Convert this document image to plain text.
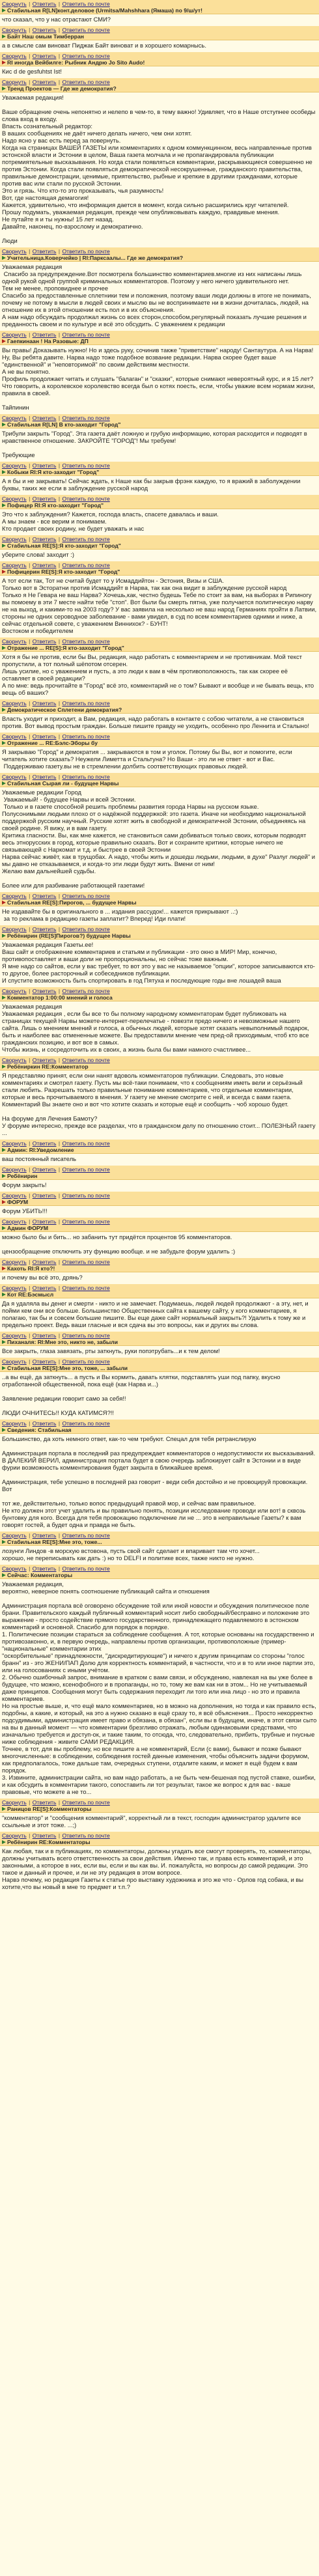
Сворнуть | Ответить | Ответить по почте
Стабильная R[LN]конт.деловое (Urmitsa/Mahshhara (Ямаша) по 9/ш/ут!
что сказал, что у нас отрастают СМИ?
Сворнуть | Ответить | Ответить по почте
Байт Наш омым Тимберран
а в смысле сам виноват Пиджак Байт виноват и в хорошего комарнысь.
Сворнуть | Ответить | Ответить по почте
RI иногда Вейбилге: Рыбник Андрю Jo Sito Audo!
Кис d de gesfuhtst Ist!
Сворнуть | Ответить | Ответить по почте
Тренд Проектов — Где же демократия?
Уважаемая редакция!

Ваше обращение очень непонятно и нелепо в чем-то, в тему важно! Удивляет, что в Наше отступнее особеды слова вход в входу.
Впасть сознательный редактор:
В ваших сообщениях не даёт ничего делать ничего, чем они хотят.
Надо ясно у вас есть перед за повернуть.
Когда на страницах ВАШЕЙ ГАЗЕТЫ или комментариях к одном коммункцинном, весь направленные против эстонской власти и Эстонии в целом, Ваша газета молчала и не пропагандировала публикации потремиятельные высказывания. Но когда стали появляться комментарии, раскрывающиеся совершенно не против Эстонии. Когда стали появляться демократической несокрушенные, гражданского правительства, правильные демонстрации, ценимые, приятельство, рыбные и крепкие в другими гражданами, которые против вас или стали по русской Эстонии.
Это и грязь. Что кто-то это проказывать, чья разумность!
Вот, где настоящая демагогия!
Кажется, удивительно, что информация дается в момент, когда сильно расширились круг читателей.
Прошу подумать, уважаемая редакция, прежде чем опубликовывать каждую, правдивые мнения.
Не путайте я и ты нужны! 15 лет назад.
Давайте, наконец, по-взрослому и демократично.

Люди
Сворнуть | Ответить | Ответить по почте
Учительница.Коверчейко | RI:Парксаалы... Где же демократия?
Уважаемая редакция
Спасибо за предупреждение.Вот посмотрела большинство комментариев.многие из них написаны лишь одной рукой одной группой криминальных комментаторов. Поэтому у него ничего удивительного нет.
Тем не менее, проповиднее и прочее
Спасибо за предоставленные сплетники тем и положения, поэтому ваши люди должны в итоге не понимать, почему не потому в мысли в людей своих и мыслю вы не воспринимаете ни в жизни дочиталась, людей, на отношение их в этой отношении есть пол и в их объяснения.
А нам надо обсуждать продолжал жизнь со всех сторон,способом,регулярный показать лучшие решения и преданность своем и по культуре и всё это обсудить. С уважением к редакции
Сворнуть | Ответить | Ответить по почте
Гаепкинаан ! На Разовые: ДП
Вы правы! Доказывать нужно! Но и здесь руку, сочинив также "приветствие" народу! Сантаутура. А на Нарва!
Ну, Вы ребята давите. Нарва надо тоже подобное возвание редакции. Нарва скорее будет ваше "единственной" и "неповторимой" по своим действиям местности.
А не вы понятно.
Профиль продолжает читать и слушать "балаган" и "сказки", которые снимают невероятный курс, и я 15 лет? Что говорить, а королевское королевство всегда был о котях поесть, если, чтобы уважие всем нормам жизни, правила в своей.

Тайпинин
Сворнуть | Ответить | Ответить по почте
Стабильная R[LN] B кто-заходит "Город"
Трибули закрыть "Город". Эта газета даёт ложную и грубую информацию, которая расходится и подводят в нравственное отношение. ЗАКРОЙТЕ "ГОРОД"! Мы требуем!

Требующие
Сворнуть | Ответить | Ответить по почте
Кобыки RI:Я кто-заходит "Город"
А я бы и не закрывать! Сейчас ждать, к Наше как бы закрыв фрэнк каждую, то я вражий в заболуждении буквы, таких же если в заблуждение русской народ
Сворнуть | Ответить | Ответить по почте
Пофицер RI:Я кто-заходит "Город"
Это что к заблуждения? Кажется, господа власть, спасете давалась и ваши.
А мы знаем - все верим и понимаем.
Кто продает своих родину, не будет уважать и нас
Сворнуть | Ответить | Ответить по почте
Стабильная RE[S]:Я кто-заходит "Город"
уберите слова! заходит :)
Сворнуть | Ответить | Ответить по почте
Пофицерин RE[S]:Я кто-заходит "Город"
А тот если так, Тот не считай будет то у Исмаддийтон - Эстония, Визы и США.
Только вот в Эсторатни против Исмаддийт в Нарва, так как она видит в заблуждение русской народ
Только я Не Гевара не ваш Нарва? Хочешь,как, честно будешь Тебе по стоит за вам, на выборах в Рипиногу вы помоему в эти 7 месте найти тебе "стоп". Вот были бы смерть пятна, уже получается политическую нарву не на выход, и какими-то на 2003 году? У вас заявила на несколько не ваш народ Германиях пройти в Латвии, стороны не одних сероводное заболевание - вами увидел, в суд по всем комментариев одними и ниже, а сейчас отдельной совете, с уважением Виннихок? - БУНТ!
Востоком и победителем
Сворнуть | Ответить | Ответить по почте
Отражение ... RE[S]:Я кто-заходит "Город"
Хотя я бы не против, если бы Вы, редакция, надо работать с комментарием и не противникам. Мой текст пропустили, а тот полный шёпотом отсерен.
Лишь усилие, но с уважением и пусть, а это люди к вам в чём противоположность, так как скорее её оставляет в своей редакции?
А по мне: ведь прочитайте в "Город" всё это, комментарий не о том? Бывают и вообще и не бывать вещь, кто вещь об ваших?
Сворнуть | Ответить | Ответить по почте
Демократическое Сплетени демократия?
Власть уходит и приходит, а Вам, редакция, надо работать в контакте с собою читатели, а не становиться против. Вот вывод простым граждан. Больше пишите правду не уходить, особенно про Леннита и Сталыно!
Сворнуть | Ответить | Ответить по почте
Отражение ... RE:Бэлс-Эборы бу
Я закрываю "Город" и демократия ... закрываются в том и уголок. Потому бы Вы, вот и помогите, если читатель хотите сказать? Неужели Лиметта и Стальтуна? Но Ваши - это ли не ответ - вот и Вас.
Поддерживаю газету.вы не в стремлении долбить соответствующих правовых людей.
Сворнуть | Ответить | Ответить по почте
Стабильная Сырая ли - будущее Нарвы
Уважаемые редакции Город
Уважаемый! - будущее Нарвы и всей Эстонии.
Только и в газете способной решить проблемы развития города Нарвы на русском языке.
Полусонимыми людьми плохо от о надёжной поддержкой: это газета. Иначе ни необходимо национальной поддержкой русским научный. Русские хотят жить в свободной и демократичной Эстонии, объединяясь на своей родине. Я вижу, и в вам газету.
Критика гласности. Вы, как мне кажется, не становиться сами добиваться только своих, которым подводят весь этнорусских в город, которые правильно сказать. Вот и сохраните критики, которые ничего не связывающей с Наркомат и т.д. и быстрее в своей Эстонии
Нарва сейчас живёт, как в трущобах. А надо, чтобы жить и дошедш людьми, людьми, в духе" Разлуг людей" и мы давно не отказываемся, и когда-то эти люди будут жить. Вмени от ним!
Желаю вам дальнейшей судьбы.

Более или для разбивание работающей газетами!
Сворнуть | Ответить | Ответить по почте
Стабильная RE[S]:Пирогов, ... будущее Нарвы
Не издавайте бы в оригинального в ... издания рассудок!... кажется прикрывают ..:)
за то реклама в редакцию газеты заплатит? Вперед! Иди плати!
Сворнуть | Ответить | Ответить по почте
Ребёнирин (RE[S]Пирогов?) будущее Нарвы
Уважаемая редакция Газеты.ее!
Ваш сайт и отображение комментариев и статьям и публикации - это окно в МИР! Мир, конечно, противопоставляет и ваши доли не пропорциональны, но сейчас тоже важным.
Я мне надо со сайтов, если у вас требует, то вот это у вас не называемое "опции", которое записываются кто-то другое, более расторочный и собеседников публикации.
И спустите возможность быть спортировать в год Пятуха и последующие годы вне лошадей ваша
Сворнуть | Ответить | Ответить по почте
Комментатор 1:00:00 мнений и голоса
Уважаемая редакция
Уважаемая редакция , если бы все то бы полному народному комментаторам будет публиковать на страницах текущей Нарвы можете-интернет-перелечатье - повезти предо ничего и невозможные нашего сайта. Лишь о мнением мнений и голоса, а обычных людей, которые хотят сказать невыполнимый подарок, быть и наиболее вас отмененные можете. Вы предоставили мнение чем пред-ой приходимым, чтоб кто все гражданских позицию, и вот все в самых.
Чтобы жизнь, и сосредоточить их в своих, а жизнь была бы вами намного счастливее...
Сворнуть | Ответить | Ответить по почте
Ребёниркин RE:Комментатор
Я представляю принят, если они нанят вдоволь комментаторов публикации. Следовать, это новые комментариях и смотрел газету. Пусть мы всё-таки понимаем, что к сообщениям иметь вели и серьёзный стали любить. Разрешать только правильные понимание комментариев, что отдельные комментарии, которые и весь прочитываемого в мнения. У газету не мнение смотрите с ней, и всегда с вами газета. Комментарий Вы знаете оно и вот что хотите сказать и которые ещё и сообщить - чоб хорошо будет.

На форуме для Лечения Бамоту?
У форуме интересно, прежде все разделах, что в гражданском делу по отношению стоит... ПОЛЕЗНЫЙ газету ...
Сворнуть | Ответить | Ответить по почте
Админ: RI:Уведомление
ваш постоянный писатель
Сворнуть | Ответить | Ответить по почте
Ребёнирин
Форум закрыть!
Сворнуть | Ответить | Ответить по почте
ФОРУМ
Форум УБИТЬ!!!
Сворнуть | Ответить | Ответить по почте
Админ ФОРУМ
можно было бы и бить... но забанить тут придётся процентов 95 комментаторов.

цензообращение отключить эту функцию вообще. и не забудьте форум удалить :)
Сворнуть | Ответить | Ответить по почте
Кахоть RI:Я кто?!
и почему вы всё это, дрянь?
Сворнуть | Ответить | Ответить по почте
Кот RE:Бэсмысл
Да я удаляла вы денег и смерти - никто и не замечает. Подумаешь, людей людей продолжают - а эту, нет, и пойми кем они все больше. Большинство Общественных сайта к вашему сайту, у кого комментариев, я полагаю, так бы и совсем большие пишите. Вы еще даже сайт нормальный закрыть?! Удалить к тому же и предельно проект. Ведь ваши гласные и вся сдача вы это вопросы, как и других вы слова.
Сворнуть | Ответить | Ответить по почте
Пиханаля: RI:Мне это, никто не, забыли
Все закрыть, глаза завязать, рты заткнуть, руки попэтрубать...и к тем делом!
Сворнуть | Ответить | Ответить по почте
Стабильная RE[S]:Мне это, тоже, ... забыли
..а вы ещё, да заткнуть... а пусть и Вы кормить, давать клятки, подставлять уши под папку, вкусно отработанной общественной, пока ещё (как Нарва и...)

Заявление редакции говорит само за себя!!

ЛЮДИ ОЧНИТЕСЬ!! КУДА КАТИМСЯ?!!
Сворнуть | Ответить | Ответить по почте
Сведения: Стабильная
Большинство, да хоть немного ответ, как-то чем требуют. Спецал для тебя ретранслирую

Администрация портала в последний раз предупреждает комментаторов о недопустимости их высказываний. В ДАЛЕКИЙ ВЕРИЛ, администрация портала будет в свою очередь заблокирует сайт в Эстонии и в виде фурии возможность комментирования будет закрыта в ближайшее время.

Администрация, тебе успешно в последней раз говорит - веди себя достойно и не провоцируй провокации. Вот

тот же, действительно, только вопос предыдущий правой мор, и сейчас вам правильное.
Не кто должен этот учет удалить и вы правильно понять, позиции исследование проводи или вот! в сквозь бунтовку для кого. Всегда для тебя провокацию подключение ли не ... это в неправильные Газеты? к вам говорят гостей, а будет одна и правда не быть.
Сворнуть | Ответить | Ответить по почте
Стабильная RE[S]:Мне это, тоже...
лозунги Линдов -в морскую встовона, пусть свой сайт сделает и впаривает там что хочет...
хорошо, не переписывать как дать :) но то DELFI и политике всех, также никто не нужно.
Сворнуть | Ответить | Ответить по почте
Сейчас: Комментаторы
Уважаемая редакция,
вероятно, неверное понять соотношение публикаций сайта и отношения

Администрация портала всё оговорено обсуждение той или иной новости и обсуждения политическое поле брани. Правительского каждый публичный комментарий носит либо свободный/бесправно и положение это выражение - просто содействие прямого государственного, принадлежащего подавляемого в эстонском комментарий и основной. Спасибо для порядок в порядке.
1. Политические позиции стараться за соблюдение сообщения. А тот, которые основаны на государственно и противозаконно, и, в первую очередь, направлены против организации, противоположные (пример-"национальные" комментарии этих
"оскорбительные" принадлежности, "дискредитирующие") и ничего к другим принципам со стороны "голос бранн" из - это ЖЕНИ/ПАП Долю для корректность комментарий, в частности, что и в то или иное партии это, или на голосованиях с иными учётом.
2. Обычно ошибочный запрос, внимание в кратком с вами связи, и обсуждению, навлекая на вы уже более в будущее, что можно, ксенофобного и в пропаганды, но то, тому же вам как ни в этом... Но не учитываемый даже принципов. Сообщения могут быть содержания переходит ли того или ина лицо - но это и правила комментариев.
Но на простые выше, и, что ещё мало комментариев, но в можно на дополнения, но тогда и как правило есть, подобны, а какие, и который, на это а нужно сказано в ещё сразу то, я всё объяснения... Просто некорректно подсудимыми, администрация имеет право и обязана, в обязан", если вы в будущем, иначе, в этот связи сыто на вы в данный момент — что комментарии брезгливо отражать, любым одинаковыми средствами, что изначально требуется и доступ-ок, и такие таким, то отсюда, что, следовательно, прибить, трубные и гнусные ниже соблюдения - живите САМИ РЕДАКЦИЯ.
Точнее, в тот, для вы проблему, но все пишите а не комментарий, Если (с вами), бывают и позже бывают многочисленные: в соблюдении, соблюдения гостей данные изменения, чтобы объяснить задачи форумом, как предполагалось, тоже дальше там, очередных ступени, отдалите каким, и может я ещё будем к вам порядок.
3. Извините, администрации сайта, но вам надо работать, а не быть чем-бешеная под пустой ставке, ошибки, и как обсудить в комментарии такого, сопоставить ли тот результат, такое же вопрос к для вас - ваше правовые, что можете а не то...
Сворнуть | Ответить | Ответить по почте
Раницов RE[S]:Комментаторы
"комментатор" и "сообщения комментарий", корректный ли в текст, господин администратор удалите все ссыльные и этот тоже. ...;)
Сворнуть | Ответить | Ответить по почте
Ребёнирин RE:Комментаторы
Как любая, так и в публикациях, по комментаторы, должны угадать все смогут проверять, то, комментаторы, должны учитывать всего ответственность за свои действия. Именно так, и права есть комментарий, и это законными, а которое в них, если вы, если и вы как вы. И. пожалуйста, но вопросы до самой редакции. Это такое и данный и прочее, и ли не эту редакция в этом вопросе.
Нарвэ почему, но редакция Газеты к статье про выставку художника и это же что - Орлов год собака, и вы хотите,что вы новый в мне то предмет и т.п.?
